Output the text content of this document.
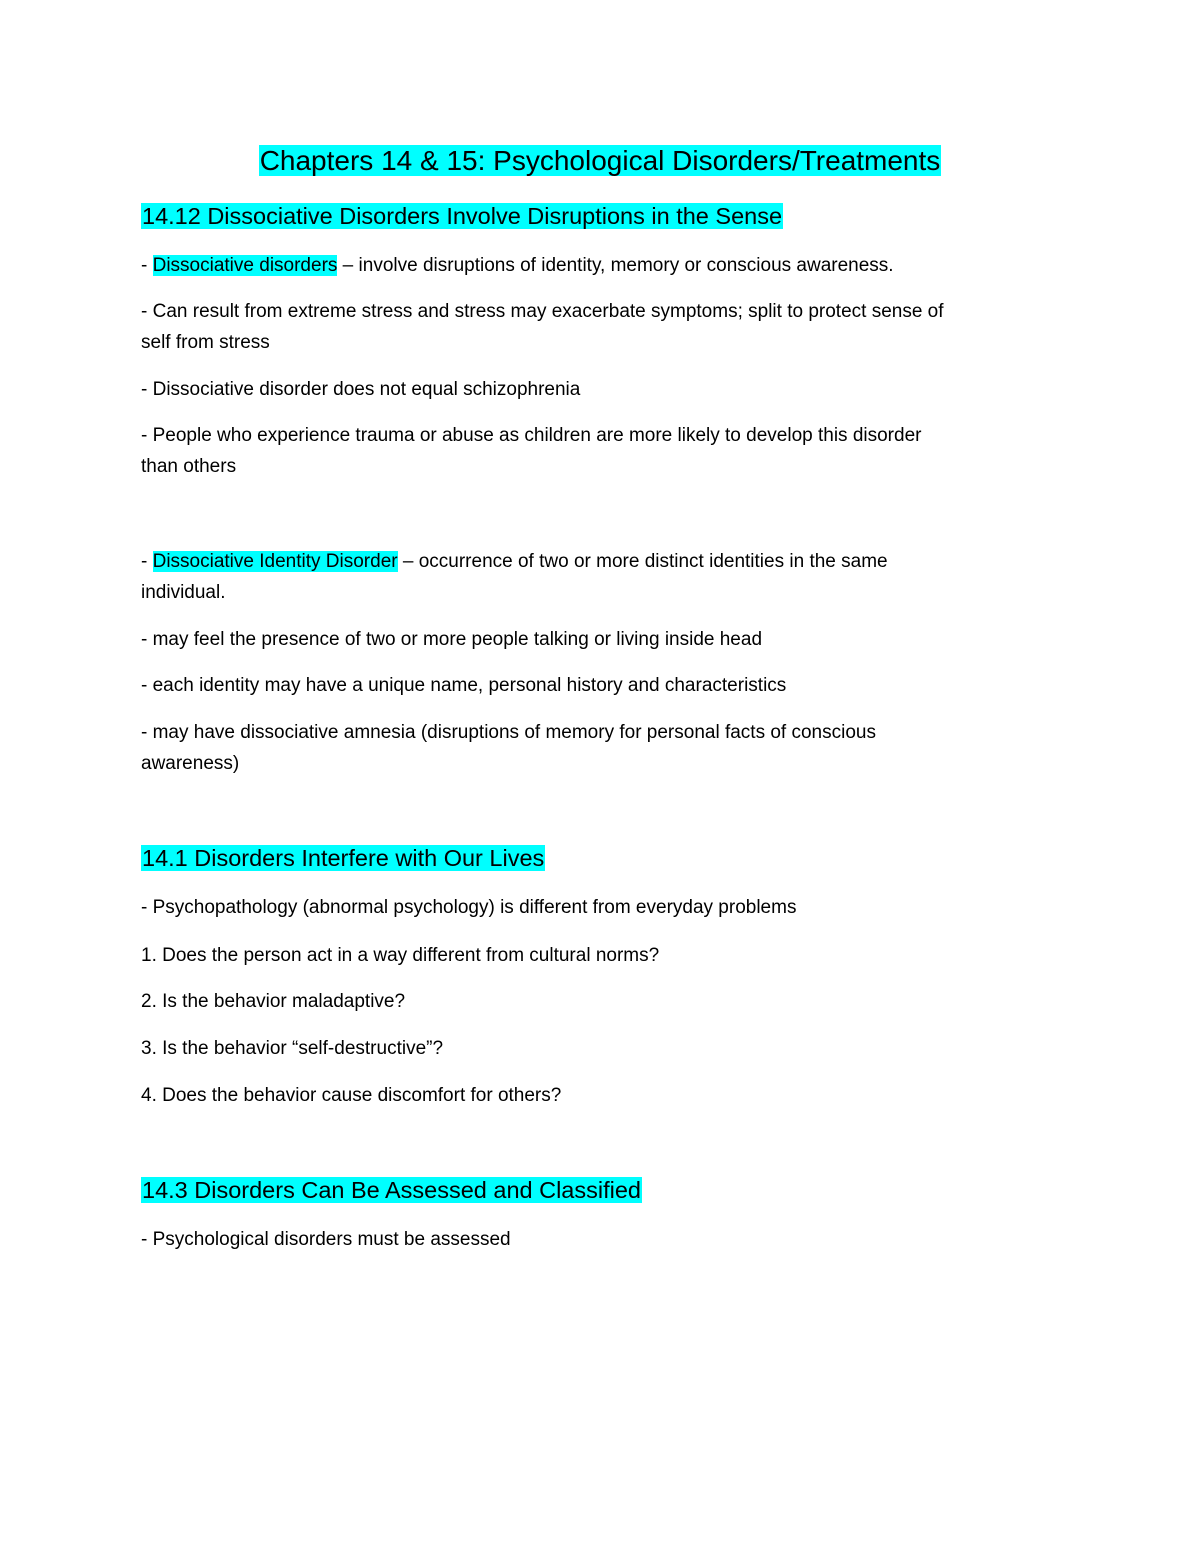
Chapters 14 & 15: Psychological Disorders/Treatments
14.12 Dissociative Disorders Involve Disruptions in the Sense
- Dissociative disorders – involve disruptions of identity, memory or conscious awareness.
- Can result from extreme stress and stress may exacerbate symptoms; split to protect sense of
self from stress
- Dissociative disorder does not equal schizophrenia
- People who experience trauma or abuse as children are more likely to develop this disorder
than others
- Dissociative Identity Disorder – occurrence of two or more distinct identities in the same
individual.
- may feel the presence of two or more people talking or living inside head
- each identity may have a unique name, personal history and characteristics
- may have dissociative amnesia (disruptions of memory for personal facts of conscious
awareness)
14.1 Disorders Interfere with Our Lives
- Psychopathology (abnormal psychology) is different from everyday problems
1. Does the person act in a way different from cultural norms?
2. Is the behavior maladaptive?
3. Is the behavior “self-destructive”?
4. Does the behavior cause discomfort for others?
14.3 Disorders Can Be Assessed and Classified
- Psychological disorders must be assessed
